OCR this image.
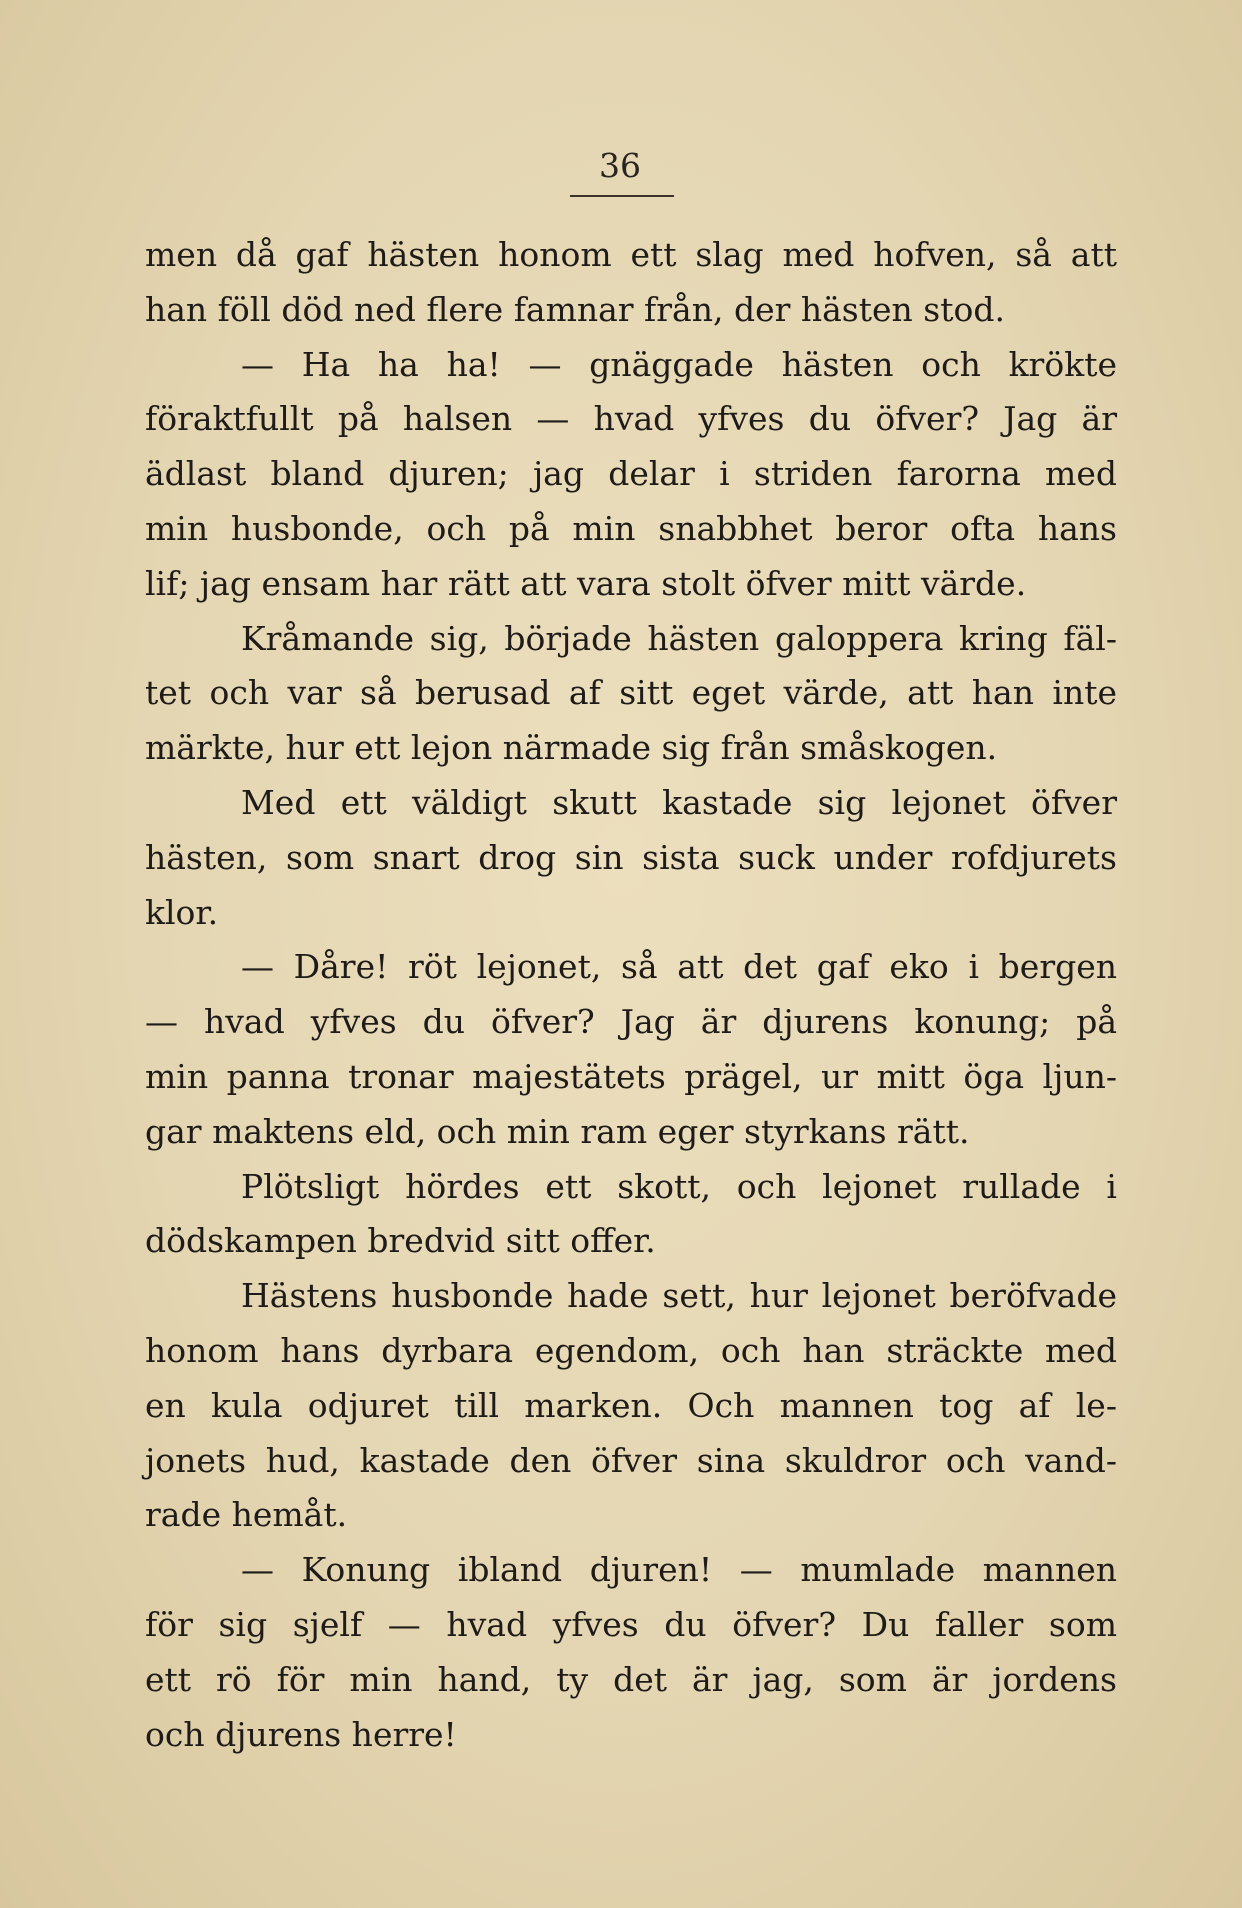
36
men då gaf hästen honom ett slag med hofven, så att
han föll död ned flere famnar från, der hästen stod.
— Ha ha ha! — gnäggade hästen och krökte
föraktfullt på halsen — hvad yfves du öfver? Jag är
ädlast bland djuren; jag delar i striden farorna med
min husbonde, och på min snabbhet beror ofta hans
lif; jag ensam har rätt att vara stolt öfver mitt värde.
Kråmande sig, började hästen galoppera kring fäl-
tet och var så berusad af sitt eget värde, att han inte
märkte, hur ett lejon närmade sig från småskogen.
Med ett väldigt skutt kastade sig lejonet öfver
hästen, som snart drog sin sista suck under rofdjurets
klor.
— Dåre! röt lejonet, så att det gaf eko i bergen
— hvad yfves du öfver? Jag är djurens konung; på
min panna tronar majestätets prägel, ur mitt öga ljun-
gar maktens eld, och min ram eger styrkans rätt.
Plötsligt hördes ett skott, och lejonet rullade i
dödskampen bredvid sitt offer.
Hästens husbonde hade sett, hur lejonet beröfvade
honom hans dyrbara egendom, och han sträckte med
en kula odjuret till marken. Och mannen tog af le-
jonets hud, kastade den öfver sina skuldror och vand-
rade hemåt.
— Konung ibland djuren! — mumlade mannen
för sig sjelf — hvad yfves du öfver? Du faller som
ett rö för min hand, ty det är jag, som är jordens
och djurens herre!
